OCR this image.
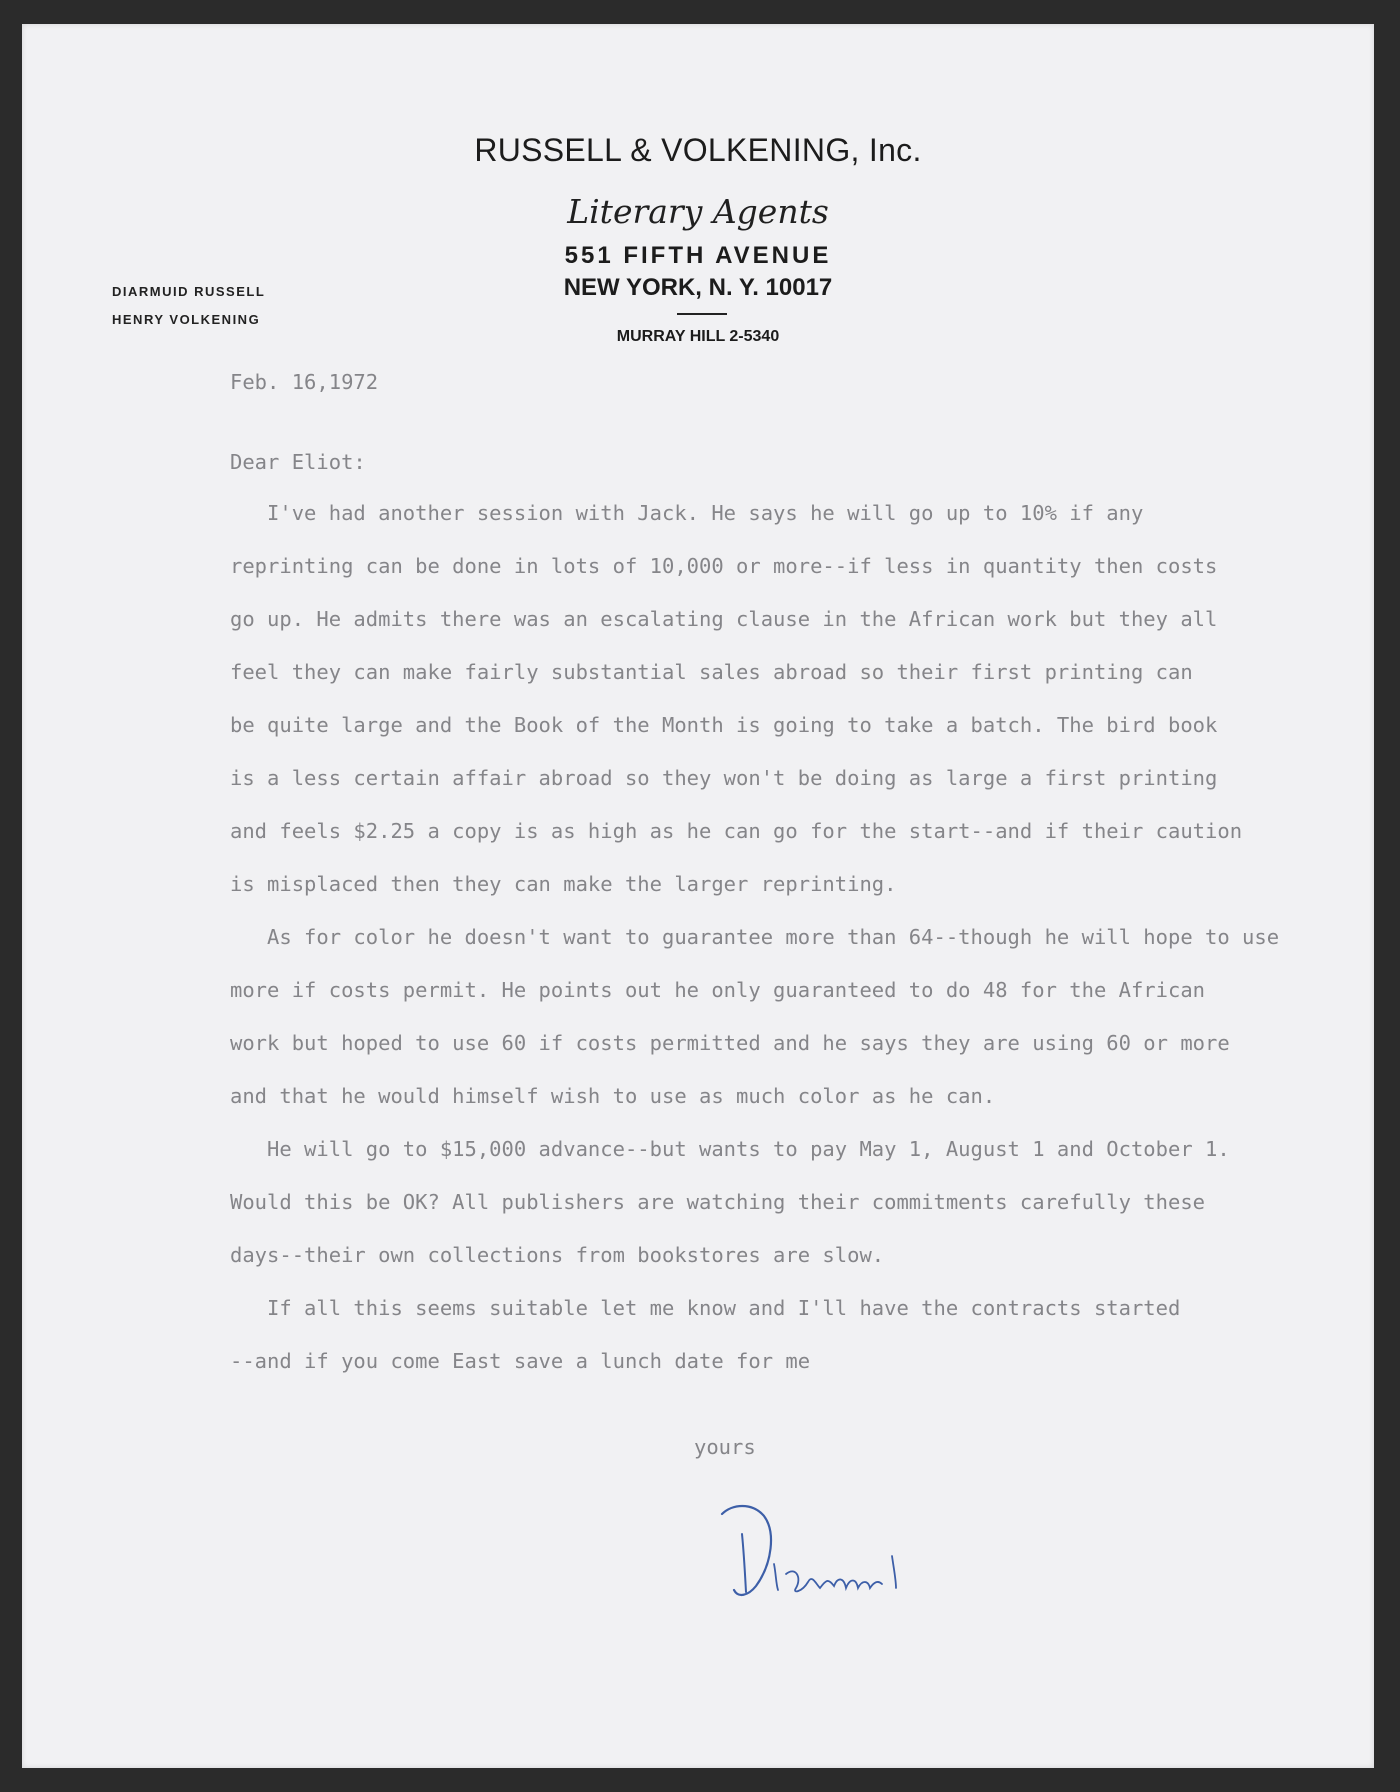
RUSSELL & VOLKENING, Inc.
Literary Agents
551 FIFTH AVENUE
NEW YORK, N. Y. 10017
MURRAY HILL 2-5340
DIARMUID RUSSELL
HENRY VOLKENING
Feb. 16,1972
Dear Eliot:
I've had another session with Jack. He says he will go up to 10% if any
reprinting can be done in lots of 10,000 or more--if less in quantity then costs
go up. He admits there was an escalating clause in the African work but they all
feel they can make fairly substantial sales abroad so their first printing can
be quite large and the Book of the Month is going to take a batch. The bird book
is a less certain affair abroad so they won't be doing as large a first printing
and feels $2.25 a copy is as high as he can go for the start--and if their caution
is misplaced then they can make the larger reprinting.
As for color he doesn't want to guarantee more than 64--though he will hope to use
more if costs permit. He points out he only guaranteed to do 48 for the African
work but hoped to use 60 if costs permitted and he says they are using 60 or more
and that he would himself wish to use as much color as he can.
He will go to $15,000 advance--but wants to pay May 1, August 1 and October 1.
Would this be OK? All publishers are watching their commitments carefully these
days--their own collections from bookstores are slow.
If all this seems suitable let me know and I'll have the contracts started
--and if you come East save a lunch date for me
yours
